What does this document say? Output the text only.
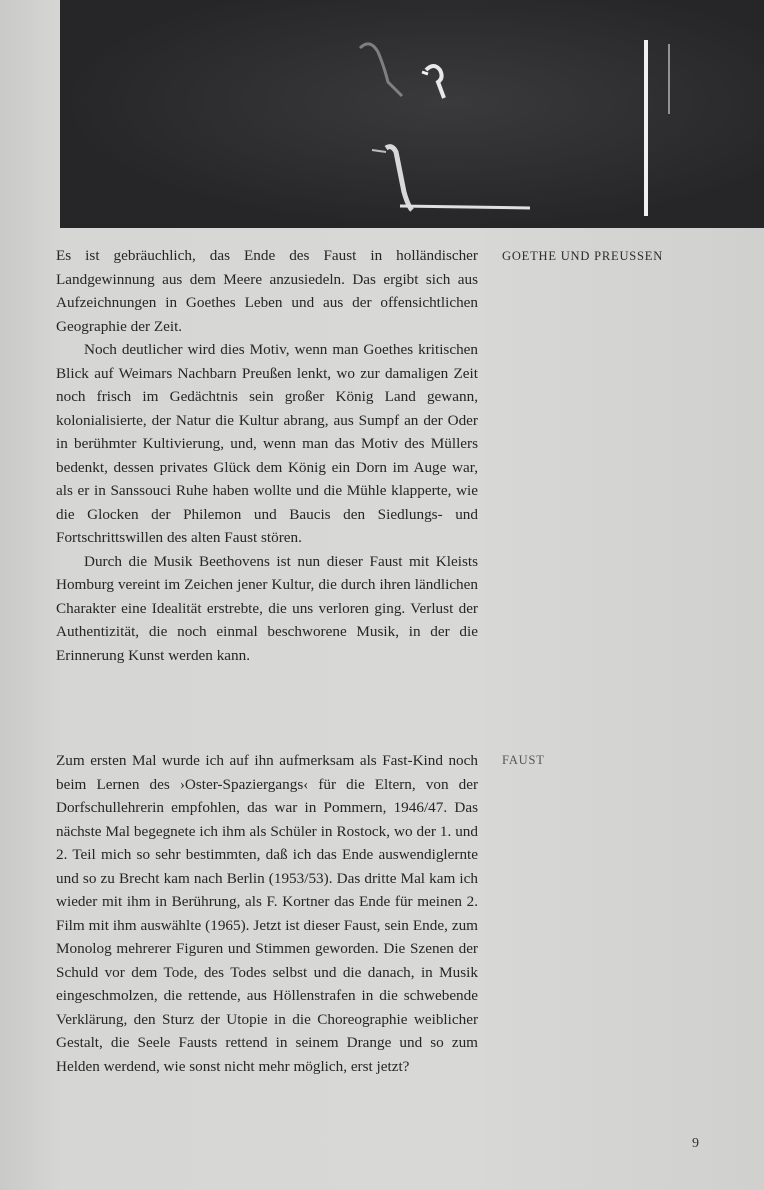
Es ist gebräuchlich, das Ende des Faust in holländischer Landgewinnung aus dem Meere anzusiedeln. Das ergibt sich aus Aufzeichnungen in Goethes Leben und aus der offensichtlichen Geographie der Zeit.

Noch deutlicher wird dies Motiv, wenn man Goethes kritischen Blick auf Weimars Nachbarn Preußen lenkt, wo zur damaligen Zeit noch frisch im Gedächtnis sein großer König Land gewann, kolonialisierte, der Natur die Kultur abrang, aus Sumpf an der Oder in berühmter Kultivierung, und, wenn man das Motiv des Müllers bedenkt, dessen privates Glück dem König ein Dorn im Auge war, als er in Sanssouci Ruhe haben wollte und die Mühle klapperte, wie die Glocken der Philemon und Baucis den Siedlungs- und Fortschrittswillen des alten Faust stören.

Durch die Musik Beethovens ist nun dieser Faust mit Kleists Homburg vereint im Zeichen jener Kultur, die durch ihren ländlichen Charakter eine Idealität erstrebte, die uns verloren ging. Verlust der Authentizität, die noch einmal beschworene Musik, in der die Erinnerung Kunst werden kann.

GOETHE UND PREUSSEN

Zum ersten Mal wurde ich auf ihn aufmerksam als Fast-Kind noch beim Lernen des ›Oster-Spaziergangs‹ für die Eltern, von der Dorfschullehrerin empfohlen, das war in Pommern, 1946/47. Das nächste Mal begegnete ich ihm als Schüler in Rostock, wo der 1. und 2. Teil mich so sehr bestimmten, daß ich das Ende auswendiglernte und so zu Brecht kam nach Berlin (1953/53). Das dritte Mal kam ich wieder mit ihm in Berührung, als F. Kortner das Ende für meinen 2. Film mit ihm auswählte (1965). Jetzt ist dieser Faust, sein Ende, zum Monolog mehrerer Figuren und Stimmen geworden. Die Szenen der Schuld vor dem Tode, des Todes selbst und die danach, in Musik eingeschmolzen, die rettende, aus Höllenstrafen in die schwebende Verklärung, den Sturz der Utopie in die Choreographie weiblicher Gestalt, die Seele Fausts rettend in seinem Drange und so zum Helden werdend, wie sonst nicht mehr möglich, erst jetzt?

FAUST
9
